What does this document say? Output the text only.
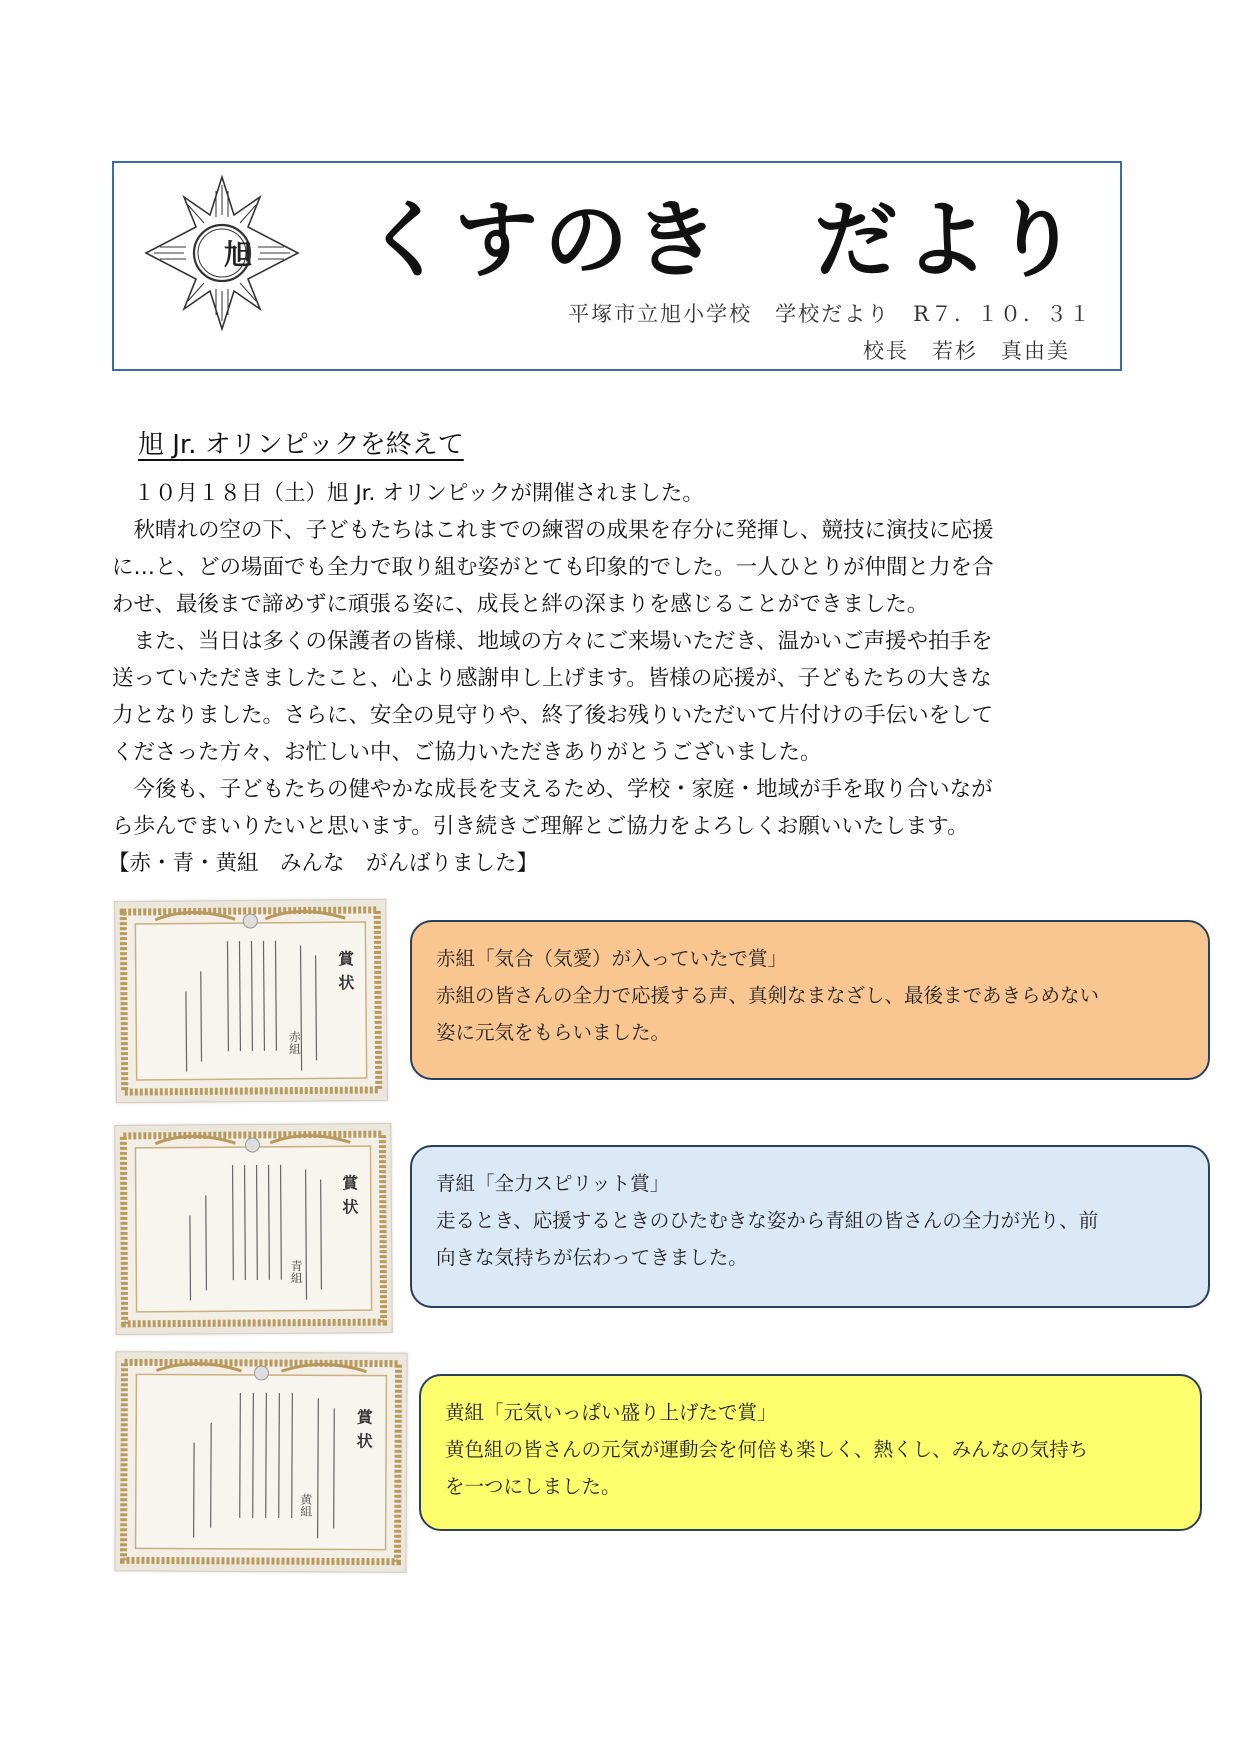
旭 くすのき　だより
平塚市立旭小学校　学校だより　R７．１０．３１
校長　若杉　真由美
旭 Jr. オリンピックを終えて

　１０月１８日（土）旭 Jr. オリンピックが開催されました。

　秋晴れの空の下、子どもたちはこれまでの練習の成果を存分に発揮し、競技に演技に応援

に…と、どの場面でも全力で取り組む姿がとても印象的でした。一人ひとりが仲間と力を合

わせ、最後まで諦めずに頑張る姿に、成長と絆の深まりを感じることができました。

　また、当日は多くの保護者の皆様、地域の方々にご来場いただき、温かいご声援や拍手を

送っていただきましたこと、心より感謝申し上げます。皆様の応援が、子どもたちの大きな

力となりました。さらに、安全の見守りや、終了後お残りいただいて片付けの手伝いをして

くださった方々、お忙しい中、ご協力いただきありがとうございました。

　今後も、子どもたちの健やかな成長を支えるため、学校・家庭・地域が手を取り合いなが

ら歩んでまいりたいと思います。引き続きご理解とご協力をよろしくお願いいたします。

【赤・青・黄組　みんな　がんばりました】

賞状
赤組
賞状
青組
賞状
黄組

赤組「気合（気愛）が入っていたで賞」

赤組の皆さんの全力で応援する声、真剣なまなざし、最後まであきらめない

姿に元気をもらいました。

青組「全力スピリット賞」

走るとき、応援するときのひたむきな姿から青組の皆さんの全力が光り、前

向きな気持ちが伝わってきました。

黄組「元気いっぱい盛り上げたで賞」

黄色組の皆さんの元気が運動会を何倍も楽しく、熱くし、みんなの気持ち

を一つにしました。
